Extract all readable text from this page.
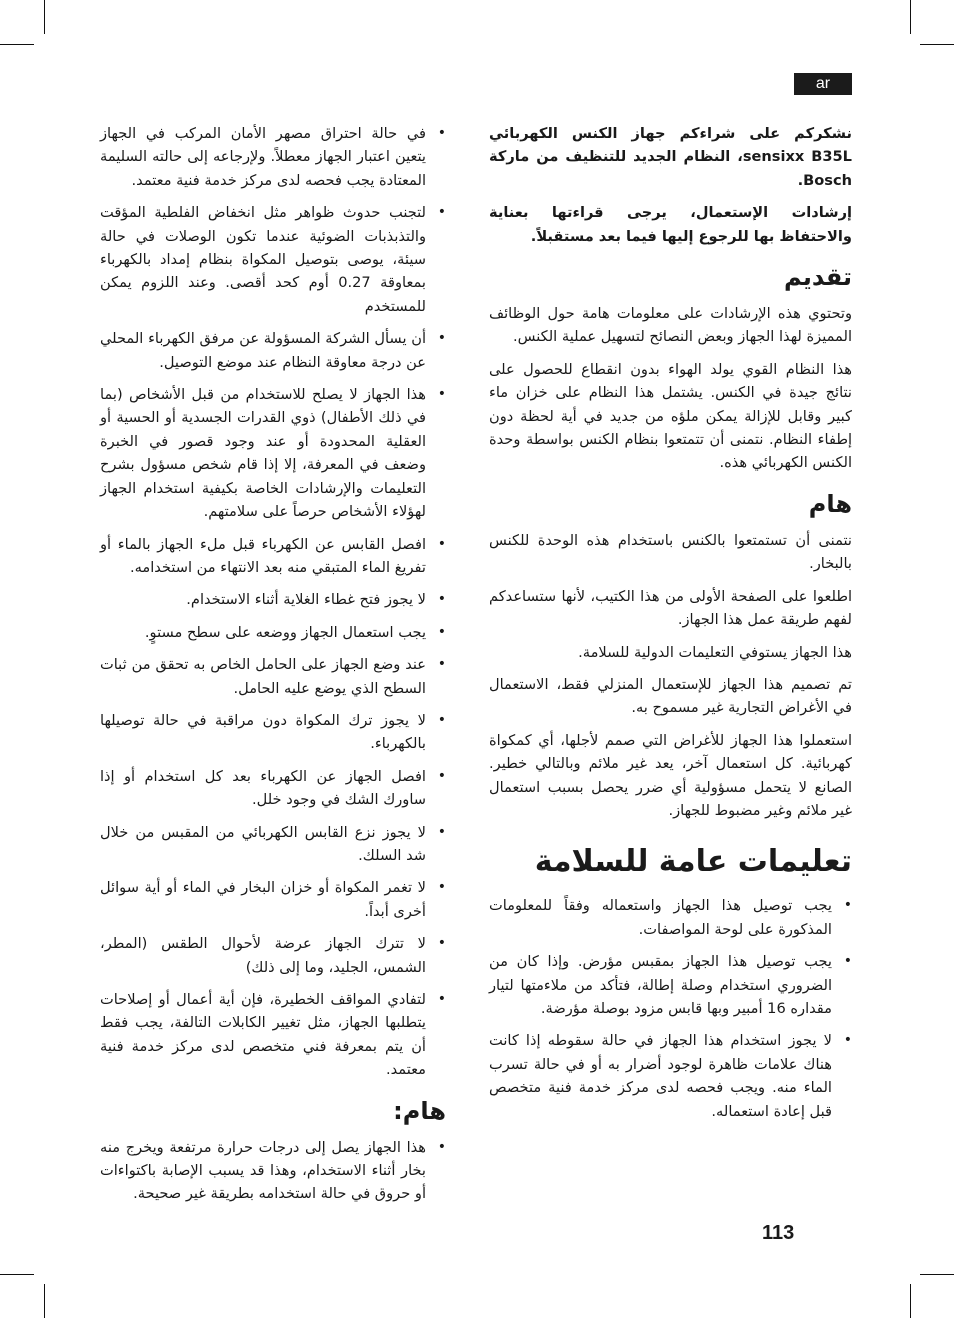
ar

نشكركم على شراءكم جهاز الكنس الكهربائي sensixx B35L، النظام الجديد للتنظيف من ماركة Bosch.

إرشادات الإستعمال، يرجى قراءتها بعناية والاحتفاظ بها للرجوع إليها فيما بعد مستقبلاً.

تقديم

وتحتوي هذه الإرشادات على معلومات هامة حول الوظائف المميزة لهذا الجهاز وبعض النصائح لتسهيل عملية الكنس.

هذا النظام القوي يولد الهواء بدون انقطاع للحصول على نتائج جيدة في الكنس. يشتمل هذا النظام على خزان ماء كبير وقابل للإزالة يمكن ملؤه من جديد في أية لحظة دون إطفاء النظام. نتمنى أن تتمتعوا بنظام الكنس بواسطة وحدة الكنس الكهربائي هذه.

هام

نتمنى أن تستمتعوا بالكنس باستخدام هذه الوحدة للكنس بالبخار.

اطلعوا على الصفحة الأولى من هذا الكتيب، لأنها ستساعدكم لفهم طريقة عمل هذا الجهاز.

هذا الجهاز يستوفي التعليمات الدولية للسلامة.

تم تصميم هذا الجهاز للإستعمال المنزلي فقط، الاستعمال في الأغراض التجارية غير مسموح به.

استعملوا هذا الجهاز للأغراض التي صمم لأجلها، أي كمكواة كهربائية. كل استعمال آخر، يعد غير ملائم وبالتالي خطير. الصانع لا يتحمل مسؤولية أي ضرر يحصل بسبب استعمال غير ملائم وغير مضبوط للجهاز.

تعليمات عامة للسلامة
•
يجب توصيل هذا الجهاز واستعماله وفقاً للمعلومات المذكورة على لوحة المواصفات.
•
يجب توصيل هذا الجهاز بمقبس مؤرض. وإذا كان من الضروري استخدام وصلة إطالة، فتأكد من ملاءمتها لتيار مقداره 16 أمبير وبها قابس مزود بوصلة مؤرضة.
•
لا يجوز استخدام هذا الجهاز في حالة سقوطه إذا كانت هناك علامات ظاهرة لوجود أضرار به أو في حالة تسرب الماء منه. ويجب فحصه لدى مركز خدمة فنية متخصص قبل إعادة استعماله.
•
في حالة احتراق مصهر الأمان المركب في الجهاز يتعين اعتبار الجهاز معطلاً. ولإرجاعه إلى حالته السليمة المعتادة يجب فحصه لدى مركز خدمة فنية معتمد.
•
لتجنب حدوث ظواهر مثل انخفاض الفلطية المؤقت والتذبذبات الضوئية عندما تكون الوصلات في حالة سيئة، يوصى بتوصيل المكواة بنظام إمداد بالكهرباء بمعاوقة 0.27 أوم كحد أقصى. وعند اللزوم يمكن للمستخدم
•
أن يسأل الشركة المسؤولة عن مرفق الكهرباء المحلي عن درجة معاوقة النظام عند موضع التوصيل.
•
هذا الجهاز لا يصلح للاستخدام من قبل الأشخاص (بما في ذلك الأطفال) ذوي القدرات الجسدية أو الحسية أو العقلية المحدودة أو عند وجود قصور في الخبرة وضعف في المعرفة، إلا إذا قام شخص مسؤول بشرح التعليمات والإرشادات الخاصة بكيفية استخدام الجهاز لهؤلاء الأشخاص حرصاً على سلامتهم.
•
افصل القابس عن الكهرباء قبل ملء الجهاز بالماء أو تفريغ الماء المتبقي منه بعد الانتهاء من استخدامه.
•
لا يجوز فتح غطاء الغلاية أثناء الاستخدام.
•
يجب استعمال الجهاز ووضعه على سطح مستوٍ.
•
عند وضع الجهاز على الحامل الخاص به تحقق من ثبات السطح الذي يوضع عليه الحامل.
•
لا يجوز ترك المكواة دون مراقبة في حالة توصيلها بالكهرباء.
•
افصل الجهاز عن الكهرباء بعد كل استخدام أو إذا ساورك الشك في وجود خلل.
•
لا يجوز نزع القابس الكهربائي من المقبس من خلال شد السلك.
•
لا تغمر المكواة أو خزان البخار في الماء أو أية سوائل أخرى أبداً.
•
لا تترك الجهاز عرضة لأحوال الطقس (المطر، الشمس، الجليد، وما إلى ذلك)
•
لتفادي المواقف الخطيرة، فإن أية أعمال أو إصلاحات يتطلبها الجهاز، مثل تغيير الكابلات التالفة، يجب فقط أن يتم بمعرفة فني متخصص لدى مركز خدمة فنية معتمد.
هام:
•
هذا الجهاز يصل إلى درجات حرارة مرتفعة ويخرج منه بخار أثناء الاستخدام، وهذا قد يسبب الإصابة باكتواءات أو حروق في حالة استخدامه بطريقة غير صحيحة.
113
